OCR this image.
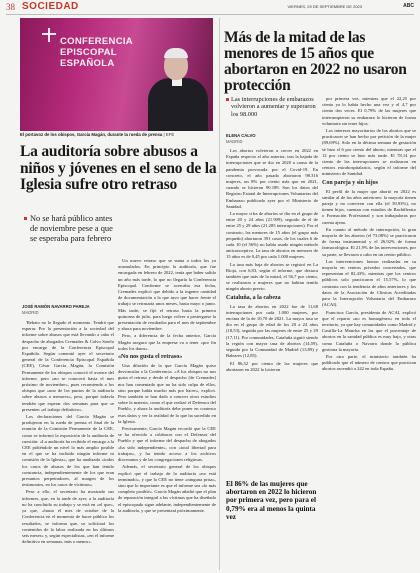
38 SOCIEDAD	VIERNES, 29 DE SEPTIEMBRE DE 2023	ABC
CONFERENCIA EPISCOPAL ESPAÑOLA
El portavoz de los obispos, García Magán, durante la rueda de prensa | EFE
La auditoría sobre abusos a niños y jóvenes en el seno de la Iglesia sufre otro retraso
No se hará público antes de noviembre pese a que se esperaba para febrero
JOSÉ RAMÓN NAVARRO PAREJA
MADRID

'Rebato no lo llegado el momento. Tendrá que esperar. Por la presentación a la sociedad del informe sobre abusos que está llevando a cabo el despacho de abogados Cremades & Calvo Sotelo por encargo de la Conferencia Episcopal Española. Según comentó ayer el secretario general de la Conferencia Episcopal Española (CEE), César García Magán, la Comisión Permanente de los obispos conoció el avance del informe, pero «no se conocerá hasta el mes próximo de noviembre», pues recomienda a los obispos que «uno de los puntos de la auditoría sobre abusos a menores», pero, porque todavía tendrán que esperar dos semanas para que se presenten «el trabajo definitivo».

Los declaraciones del García Magán se produjeron en la rueda de prensa el final de la reunión de la Comisión Permanente de la CEE, como se informó la exposición de la auditoría de cuestión: «La auditoría ha recibido el encargo a la CEE pidiéndole un nivel lo más amplio posible en el que se ha incluido ningún informe ni comisión de la Iglesia», que ha analizado «todos los casos de abusos de los que han tenido constancia, independientemente de los que eran presuntos perpetradores, al margen de los testimonios, en los casos de víctimas».

Pese a ello, el secretario ha mostrado sus informes, que, en la tarde de ayer, a la auditoría no ha concluido su trabajo y se está en «el que», ya que, «hasta el mes de octubre de la Conferencia en el momento de hacer público los resultados, se informa que, se solicitará los contenidos de la labor realizada en los últimos seis meses» y, según especialistas, «en el informe definitivo en semanas, más o menos».

Un nuevo retraso que se suma a todos los ya acumulados. En principio la auditoría, que fue encargada en febrero de 2022, tenía que haber salido un año más tarde, lo que no llegaría la Conferencia Episcopal. Conforme se acercaba esa fecha, Cremades explicó que debido a la ingente cantidad de documentación a la que tuvo que hacer frente el trabajo se retrasaría unos meses, hasta mayo o junio. Más tarde, se fijó el retraso hasta la primera quincena de julio, para luego volver a postergarse la presentación de resultados para el mes de septiembre y ahora para noviembre.

Pero, a diferencia de la fecha anterior, García Magán asegura que la empresa va a tener «por fin todos los datos».

«No nos gusta el retraso»

Una dilación de la que García Magán quiso desvincular a la Conferencia. «A los obispos no nos gusta el retraso y desde el despacho [de Cremades] nos han comentado que no ha sido culpa de ellos, sino porque había mucho más por hacer», explicó. Pero también se han dado a conocer otros estudios sobre la materia, como el que realizó el Defensor del Pueblo, y ahora la auditoría debe poner en contexto esos datos y ver la realidad de lo que ha sucedido en la Iglesia.

Precisamente, García Magán recordó que la CEE se ha ofrecido a colaborar con el Defensor del Pueblo y que el informe del despacho de abogados «ha sido independiente», con «total libertad para trabajar», y ha tenido acceso a los archivos diocesanos y de las congregaciones religiosas.

Además, el secretario general de los obispos explicó que el trabajo de la auditoría «no está terminado», y que la CEE no tiene «ninguna prisa», sino que lo importante es que el informe sea «lo más completo posible». García Magán añadió que el plan de reparación integral a las víctimas que ha diseñado el episcopado sigue adelante, independientemente de la auditoría, y que se presentará próximamente.

Más de la mitad de las menores de 15 años que abortaron en 2022 no usaron protección
Las interrupciones de embarazos volvieron a aumentar y superaron los 98.000
ELENA CALVO
MADRID

Los abortos volvieron a crecer en 2022 en España respecto al año anterior, tras la bajada de interrupciones que se dio en 2020 a causa de la pandemia provocada por el Covid-19. En concreto, el año pasado abortaron 98.316 mujeres, un 8% por ciento más que en 2021, cuando se hicieron 90.189. Son los datos del Registro Estatal de Interrupciones Voluntarias del Embarazo publicado ayer por el Ministerio de Sanidad.

La mayor cifra de abortos se dio en el grupo de entre 20 y 24 años (21.909), seguido de el de entre 25 y 29 años (21.285 interrupciones). Por el contrario, las menores de 15 años (el grupo más pequeño) abortaron 391 casos, de los cuales 6 de cada 10 (el 56%) no había usado ningún método anticonceptivo. La tasa de abortos en menores de 15 años es de 0,45 por cada 1.000 mujeres.

La tasa más baja de abortos se registró en La Rioja, con 6,83, según el informe, que destaca también que más de la mitad, el 56,7 por ciento, se realizaron a mujeres que no habían tenido ningún aborto previo.

Cataluña, a la cabeza

La tasa de abortos en 2022 fue de 11,68 interrupciones por cada 1.000 mujeres, por encima de la de 10,70 de 2021. La mayor tasa se dio en el grupo de edad de los 20 a 24 años (18,53), seguida por las mujeres de entre 25 y 29 (17,11). Por comunidades, Cataluña siguió siendo la región con mayor tasa de abortos (14,59), seguida por la Comunidad de Madrid (13,89) y Baleares (12,85).

El 86,52 por ciento de las mujeres que abortaron en 2022 lo hicieron

El 86% de las mujeres que abortaron en 2022 lo hicieron por primera vez, pero para el 0,79% era al menos la quinta vez

por primera vez, mientras que el 22,25 por ciento ya lo había hecho una vez y el 4,7 por ciento dos veces. El 0,79% de las mujeres que interrumpieron su embarazo lo hicieron de forma voluntaria sin tener hijos.

Los intereses mayoritarios de los abortos que se practicaron se han hecho por petición de la mujer (89,69%). Solo en la décima semana de gestación se hizo el 6 por ciento del aborto, mientras que el 12 por ciento se hizo más tarde. El 78,14 por ciento de las interrupciones se realizaron en centros extrahospitalarios, según el informe del ministerio de Sanidad.

Con pareja y sin hijos

El perfil de la mujer que abortó en 2022 es similar al de los años anteriores: la mayoría tienen pareja y no conviven con ella (el 39,93%), no tienen hijos, cuentan con estudios de Bachillerato o Formación Profesional y son trabajadoras por cuenta ajena.

En cuanto al método de interrupción, la gran mayoría de los abortos (el 73,08%) se practicaron de forma instrumental y el 26,92% de forma farmacológica. El 21,9% de las intervenciones, por su parte, se llevaron a cabo en un centro público.

Las intervenciones fueron realizadas en su mayoría en centros privados concertados, que representan el 82,43%, mientras que los centros públicos solo practicaron el 15,57%, lo que contrasta con la tendencia de años anteriores y los datos de la Asociación de Clínicas Acreditadas para la Interrupción Voluntaria del Embarazo (ACAI).

Francisca García, presidenta de ACAI, explicó que el reparto «no es homogéneo» en todo el territorio, ya que hay comunidades como Madrid y Castilla-La Mancha en las que el porcentaje de abortos en la sanidad pública es muy bajo, y otras como Cataluña o Navarra donde la pública gestiona la mayoría.

Por otra parte, el ministerio también ha publicado que el número de centros que practican abortos ascendió a 242 en toda España.
